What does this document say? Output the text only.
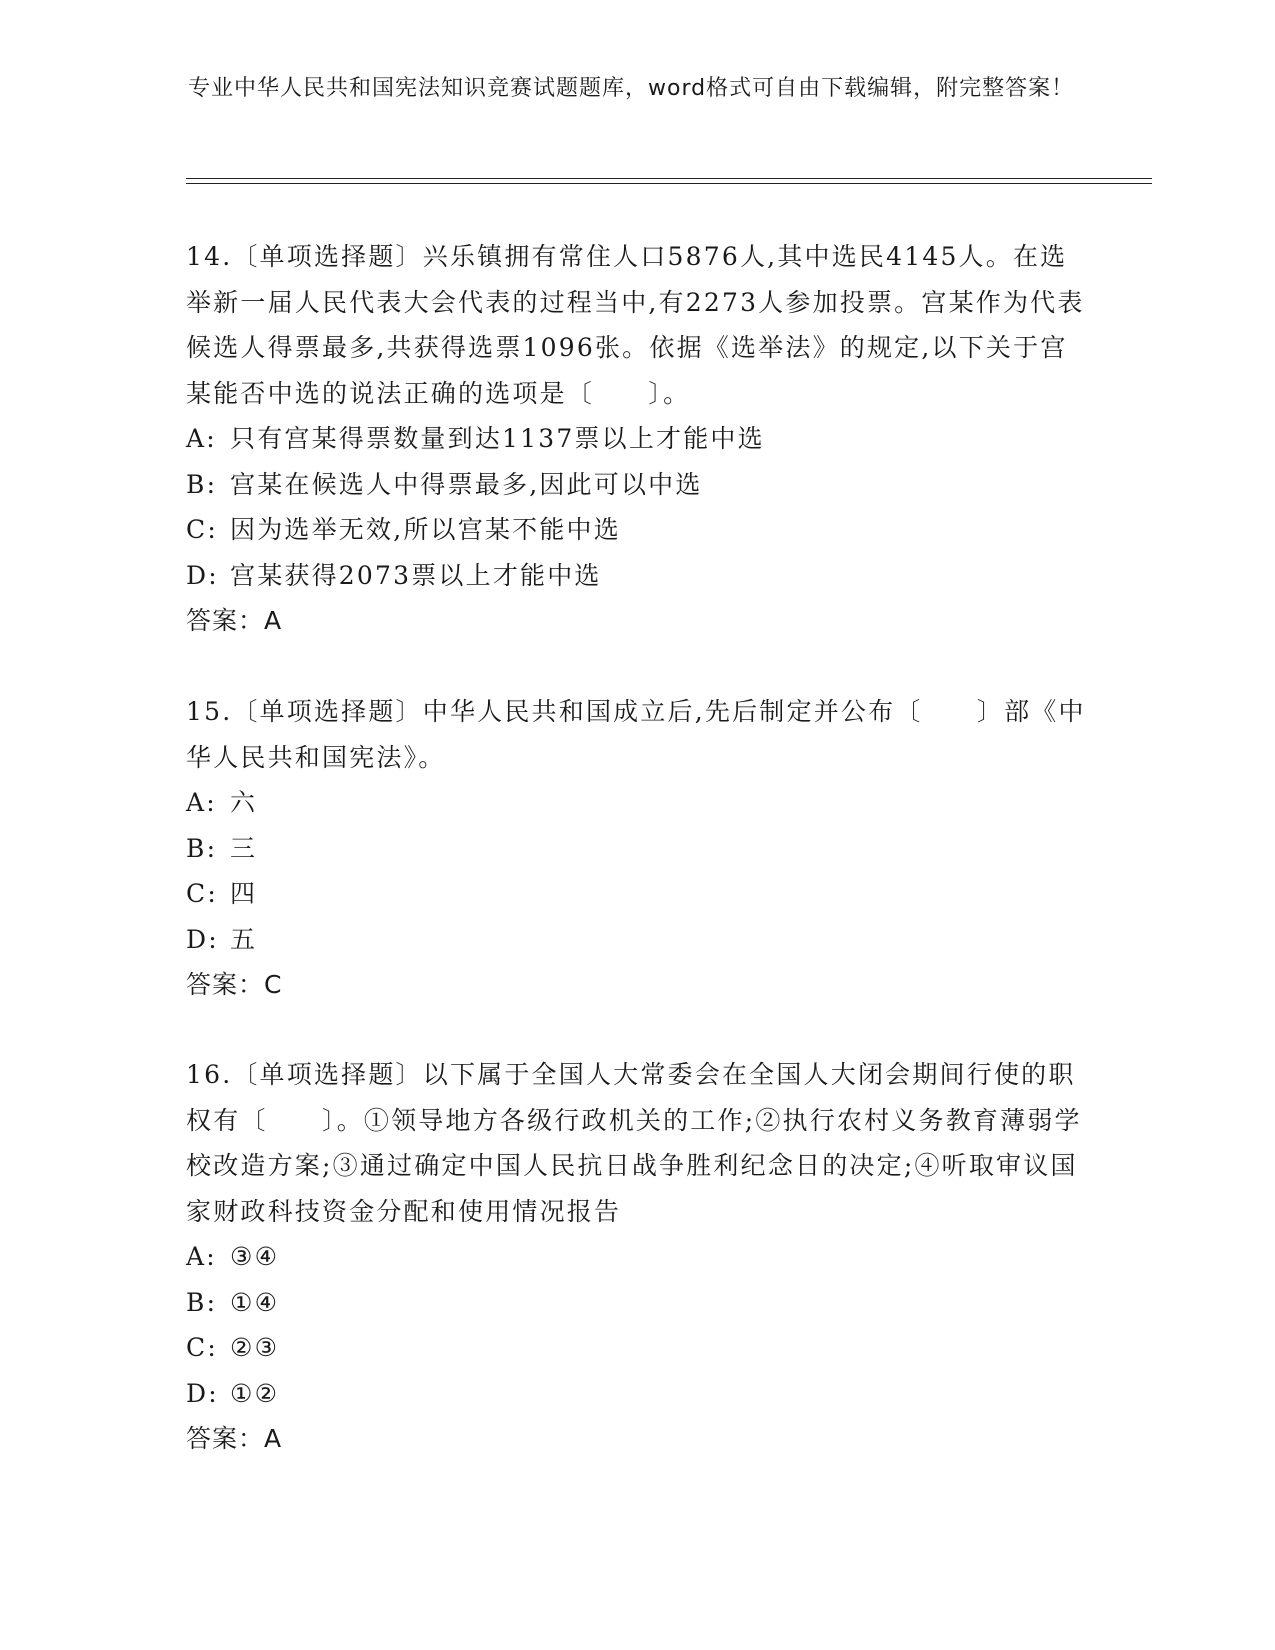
专业中华人民共和国宪法知识竞赛试题题库，word格式可自由下载编辑，附完整答案！

14.〔单项选择题〕兴乐镇拥有常住人口5876人,其中选民4145人。在选举新一届人民代表大会代表的过程当中,有2273人参加投票。宫某作为代表候选人得票最多,共获得选票1096张。依据《选举法》的规定,以下关于宫某能否中选的说法正确的选项是〔　　〕。

A: 只有宫某得票数量到达1137票以上才能中选

B: 宫某在候选人中得票最多,因此可以中选

C: 因为选举无效,所以宫某不能中选

D: 宫某获得2073票以上才能中选

答案：A

15.〔单项选择题〕中华人民共和国成立后,先后制定并公布〔　　〕部《中华人民共和国宪法》。

A: 六

B: 三

C: 四

D: 五

答案：C

16.〔单项选择题〕以下属于全国人大常委会在全国人大闭会期间行使的职权有〔　　〕。①领导地方各级行政机关的工作;②执行农村义务教育薄弱学校改造方案;③通过确定中国人民抗日战争胜利纪念日的决定;④听取审议国家财政科技资金分配和使用情况报告

A: ③④

B: ①④

C: ②③

D: ①②

答案：A
